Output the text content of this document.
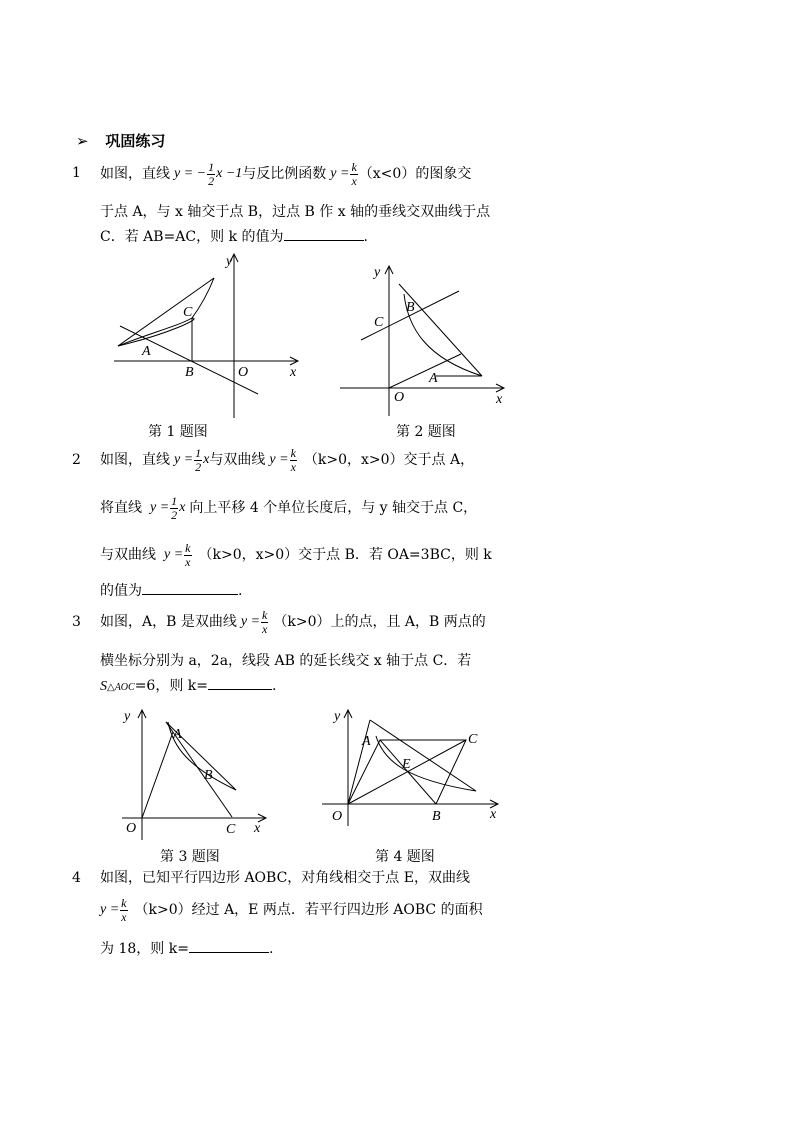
➢ 巩固练习
1 如图，直线 y = − $\frac{1}{2}$ x −1 与反比例函数 $y = \frac{k}{x} (x<0)$的图象交
于点 A，与 x 轴交于点 B，过点 B 作 x 轴的垂线交双曲线于点
C．若 AB=AC，则 k 的值为	.
y
x
O
A
B
C
第 1 题图
y
x
O
A
B
C
第 2 题图
2 如图，直线 $y = \frac{1}{2}$ x 与双曲线 $y = \frac{k}{x} (k>0$，x>0）交于点 A，
将直线 $y = \frac{1}{2}$ x 向上平移 4 个单位长度后，与 y 轴交于点 C，
与双曲线 $y = \frac{k}{x} (k>0$，x>0）交于点 B．若 OA=3BC，则 k
的值为	.
3 如图，A，B 是双曲线 $y = \frac{k}{x} (k>0)$上的点，且 A，B 两点的
横坐标分别为 a，2a，线段 AB 的延长线交 x 轴于点 C．若
S△AOC=6，则 k=	.
y
x
O
A
B
C
第 3 题图
y
x
O
A
B
C
E
第 4 题图
4 如图，已知平行四边形 AOBC，对角线相交于点 E，双曲线
$y = \frac{k}{x} (k>0)$经过 A，E 两点．若平行四边形 AOBC 的面积
为 18，则 k=	.
